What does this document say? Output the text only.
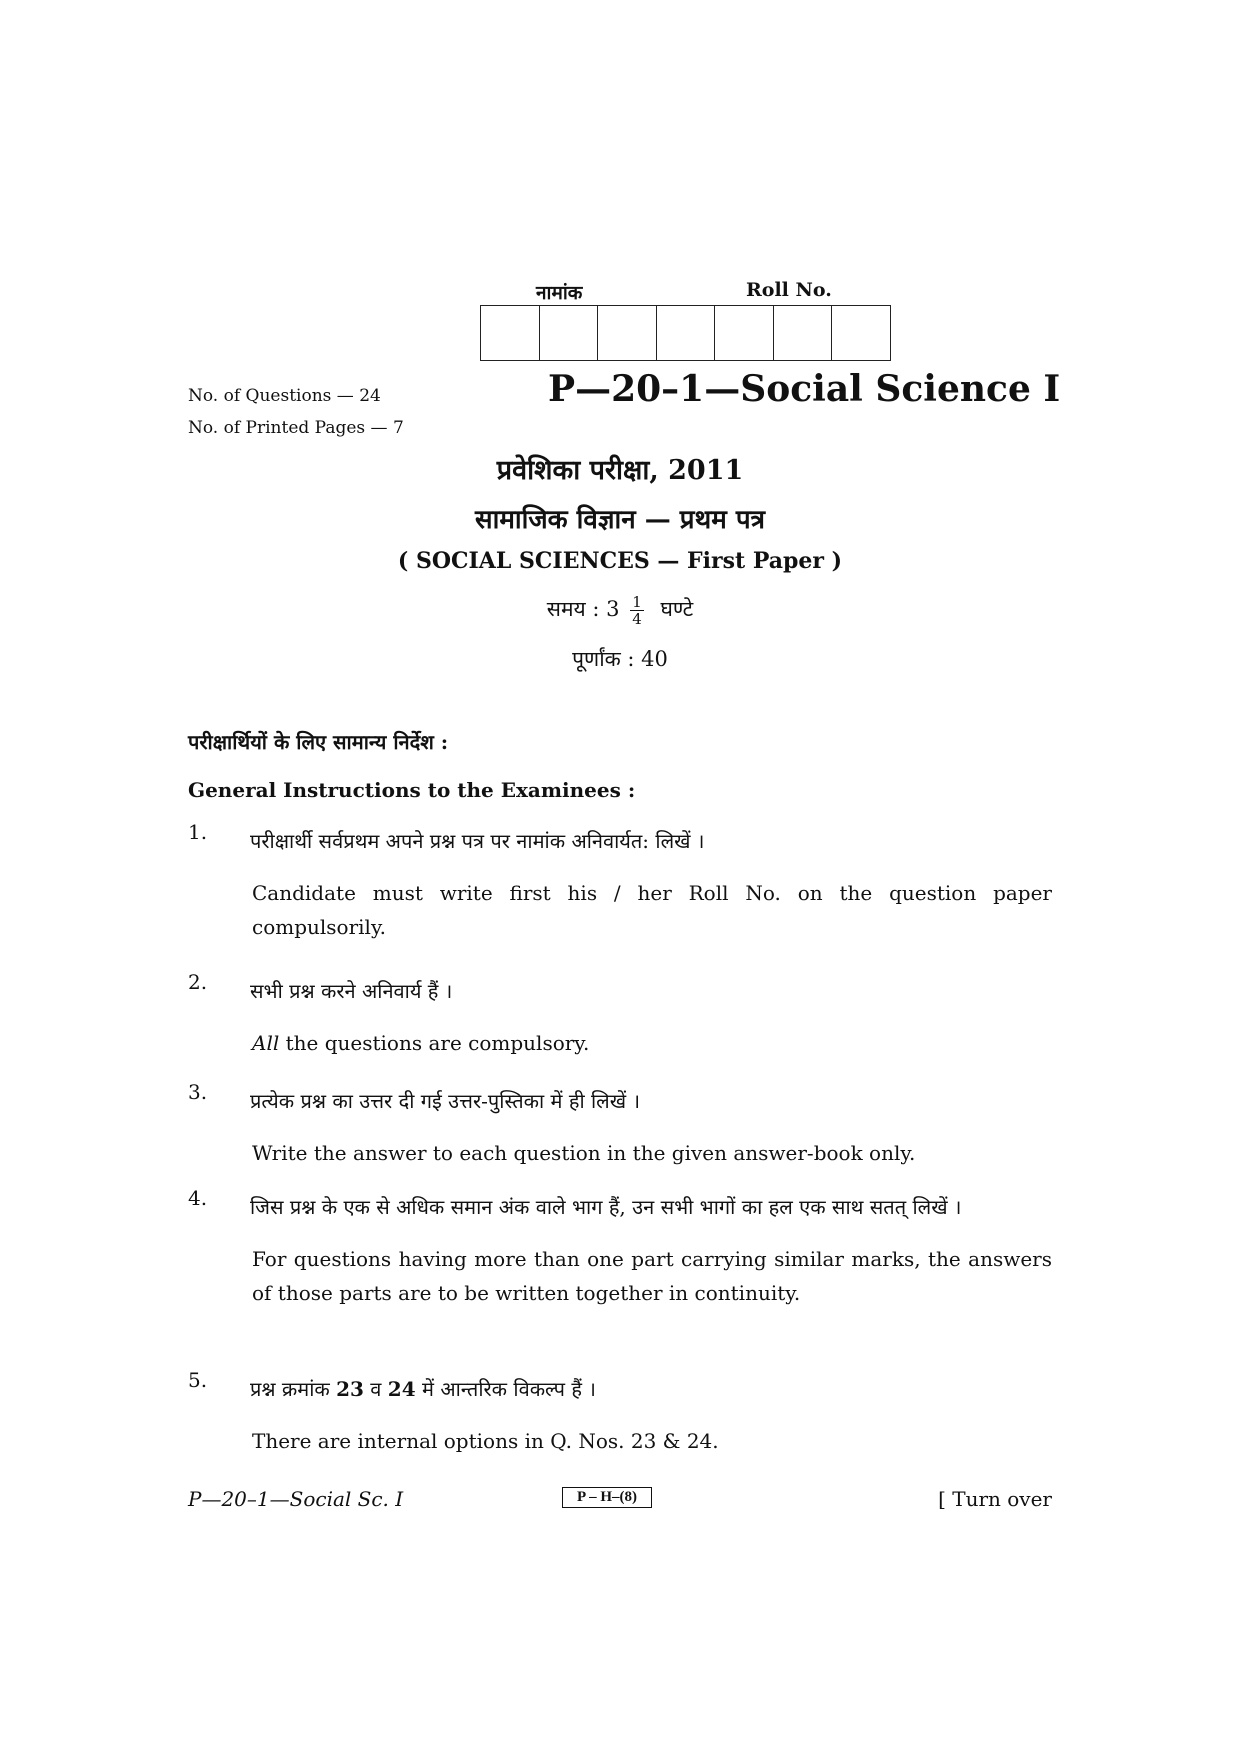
नामांक	Roll No.
No. of Questions — 24
No. of Printed Pages — 7
P—20–1—Social Science I
प्रवेशिका परीक्षा, 2011
सामाजिक विज्ञान — प्रथम पत्र
( SOCIAL SCIENCES — First Paper )
समय : $3 \frac{1}{4}$ घण्टे
पूर्णांक : 40
परीक्षार्थियों के लिए सामान्य निर्देश :
General Instructions to the Examinees :
1. परीक्षार्थी सर्वप्रथम अपने प्रश्न पत्र पर नामांक अनिवार्यत: लिखें ।
Candidate must write first his / her Roll No. on the question paper compulsorily.
2. सभी प्रश्न करने अनिवार्य हैं ।
All the questions are compulsory.
3. प्रत्येक प्रश्न का उत्तर दी गई उत्तर-पुस्तिका में ही लिखें ।
Write the answer to each question in the given answer-book only.
4. जिस प्रश्न के एक से अधिक समान अंक वाले भाग हैं, उन सभी भागों का हल एक साथ सतत् लिखें ।
For questions having more than one part carrying similar marks, the answers of those parts are to be written together in continuity.
5. प्रश्न क्रमांक 23 व 24 में आन्तरिक विकल्प हैं ।
There are internal options in Q. Nos. 23 & 24.
P—20–1—Social Sc. I	P – H–(8)	[ Turn over
